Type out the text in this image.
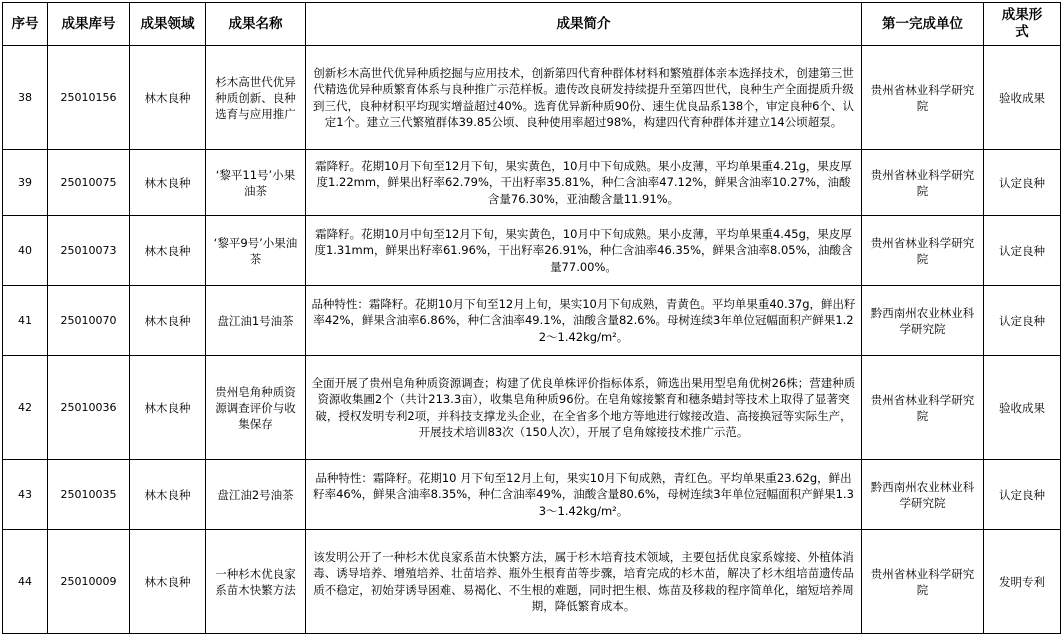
序号	成果库号	成果领域	成果名称	成果简介	第一完成单位	成果形式
38	25010156	林木良种	杉木高世代优异种质创新、良种选育与应用推广	创新杉木高世代优异种质挖掘与应用技术，创新第四代育种群体材料和繁殖群体亲本选择技术，创建第三世代精选优异种质繁育体系与良种推广示范样板。遗传改良研发持续提升至第四世代，良种生产全面提质升级到三代，良种材积平均现实增益超过40%。选育优异新种质90份、速生优良品系138个，审定良种6个、认定1个。建立三代繁殖群体39.85公顷、良种使用率超过98%，构建四代育种群体并建立14公顷超泵。	贵州省林业科学研究院	验收成果
39	25010075	林木良种	‘黎平11号’小果油茶	霜降籽。花期10月下旬至12月下旬，果实黄色，10月中下旬成熟。果小皮薄，平均单果重4.21g，果皮厚度1.22mm，鲜果出籽率62.79%，干出籽率35.81%，种仁含油率47.12%，鲜果含油率10.27%，油酸含量76.30%，亚油酸含量11.91%。	贵州省林业科学研究院	认定良种
40	25010073	林木良种	‘黎平9号’小果油茶	霜降籽。花期10月中旬至12月下旬，果实黄色，10月中下旬成熟。果小皮薄，平均单果重4.45g，果皮厚度1.31mm，鲜果出籽率61.96%，干出籽率26.91%，种仁含油率46.35%，鲜果含油率8.05%，油酸含量77.00%。	贵州省林业科学研究院	认定良种
41	25010070	林木良种	盘江油1号油茶	品种特性：霜降籽。花期10月下旬至12月上旬，果实10月下旬成熟，青黄色。平均单果重40.37g，鲜出籽率42%，鲜果含油率6.86%，种仁含油率49.1%，油酸含量82.6%。母树连续3年单位冠幅面积产鲜果1.22～1.42kg/m²。	黔西南州农业林业科学研究院	认定良种
42	25010036	林木良种	贵州皂角种质资源调查评价与收集保存	全面开展了贵州皂角种质资源调查；构建了优良单株评价指标体系，筛选出果用型皂角优树26株；营建种质资源收集圃2个（共计213.3亩），收集皂角种质96份。在皂角嫁接繁育和穗条蜡封等技术上取得了显著突破，授权发明专利2项，并科技支撑龙头企业，在全省多个地方等地进行嫁接改造、高接换冠等实际生产，开展技术培训83次（150人次），开展了皂角嫁接技术推广示范。	贵州省林业科学研究院	验收成果
43	25010035	林木良种	盘江油2号油茶	品种特性：霜降籽。花期10 月下旬至12月上旬，果实10月下旬成熟，青红色。平均单果重23.62g，鲜出籽率46%，鲜果含油率8.35%，种仁含油率49%，油酸含量80.6%，母树连续3年单位冠幅面积产鲜果1.33～1.42kg/m²。	黔西南州农业林业科学研究院	认定良种
44	25010009	林木良种	一种杉木优良家系苗木快繁方法	该发明公开了一种杉木优良家系苗木快繁方法，属于杉木培育技术领域，主要包括优良家系嫁接、外植体消毒、诱导培养、增殖培养、壮苗培养、瓶外生根育苗等步骤，培育完成的杉木苗，解决了杉木组培苗遗传品质不稳定，初始芽诱导困难、易褐化、不生根的难题，同时把生根、炼苗及移栽的程序简单化，缩短培养周期，降低繁育成本。	贵州省林业科学研究院	发明专利
